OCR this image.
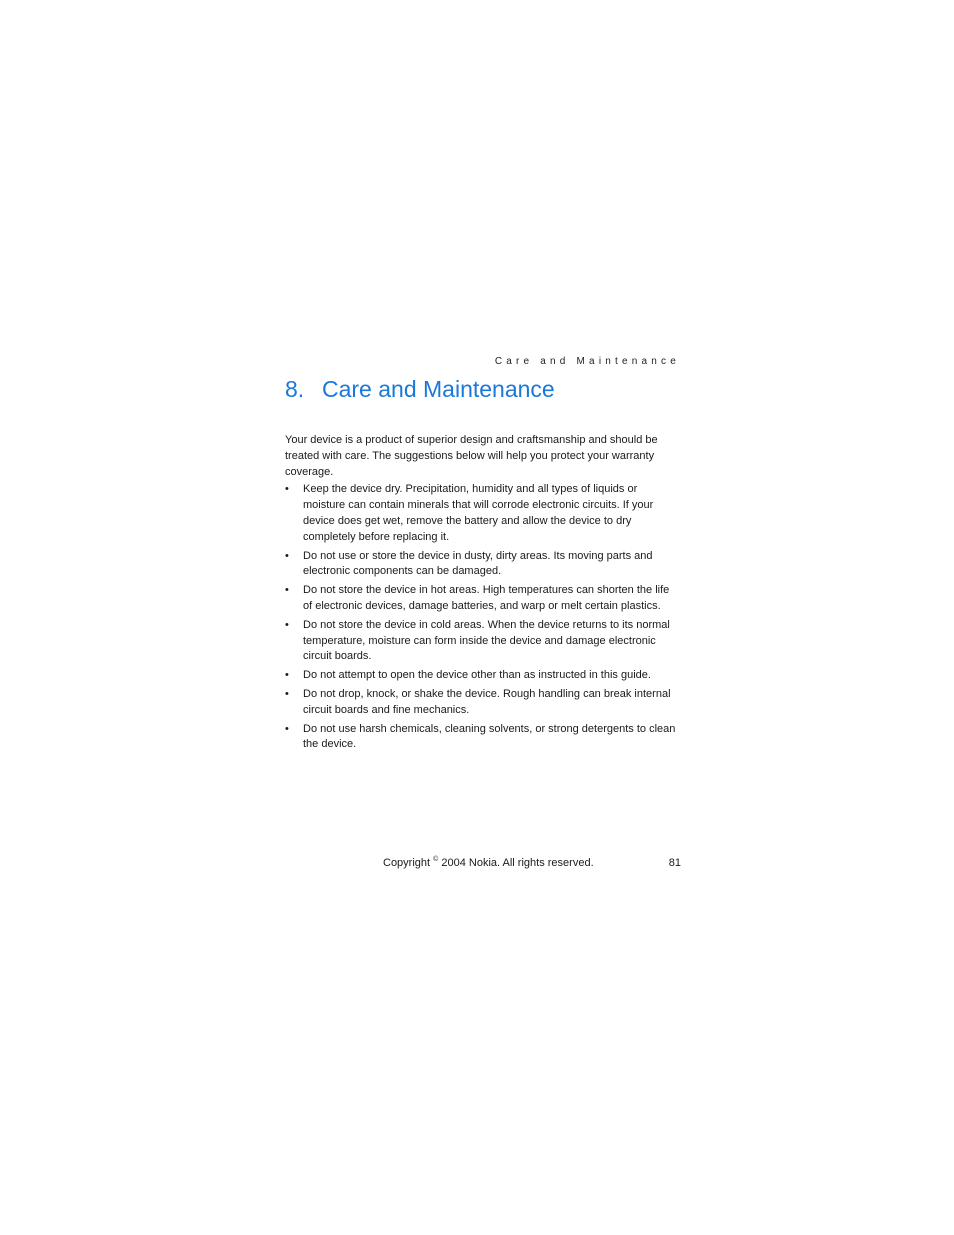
Care and Maintenance
8. Care and Maintenance

Your device is a product of superior design and craftsmanship and should be treated with care. The suggestions below will help you protect your warranty coverage.

•	Keep the device dry. Precipitation, humidity and all types of liquids or moisture can contain minerals that will corrode electronic circuits. If your device does get wet, remove the battery and allow the device to dry completely before replacing it.
•	Do not use or store the device in dusty, dirty areas. Its moving parts and electronic components can be damaged.
•	Do not store the device in hot areas. High temperatures can shorten the life of electronic devices, damage batteries, and warp or melt certain plastics.
•	Do not store the device in cold areas. When the device returns to its normal temperature, moisture can form inside the device and damage electronic circuit boards.
•	Do not attempt to open the device other than as instructed in this guide.
•	Do not drop, knock, or shake the device. Rough handling can break internal circuit boards and fine mechanics.
•	Do not use harsh chemicals, cleaning solvents, or strong detergents to clean the device.
Copyright © 2004 Nokia. All rights reserved.	81
